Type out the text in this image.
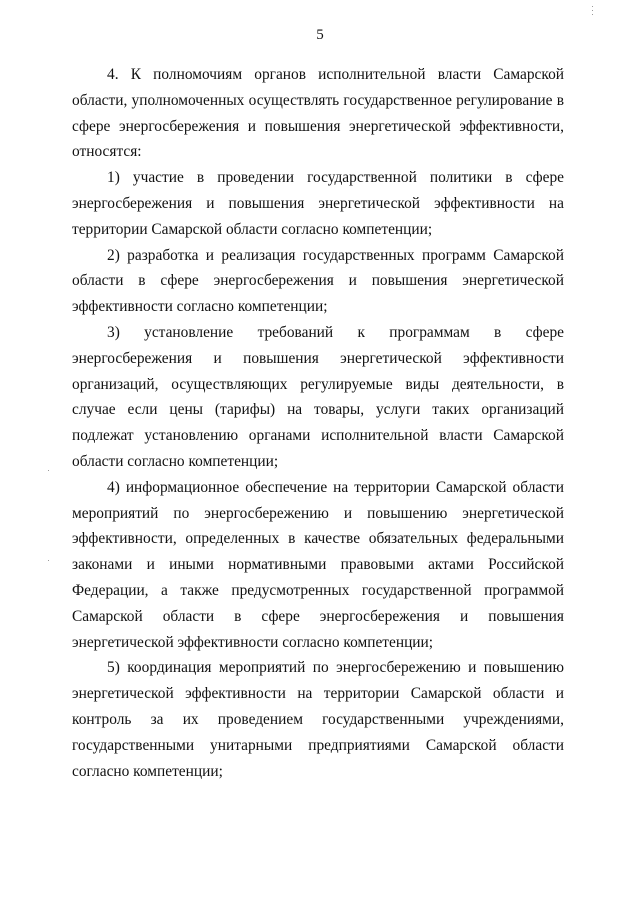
5

4. К полномочиям органов исполнительной власти Самарской области, уполномоченных осуществлять государственное регулирование в сфере энергосбережения и повышения энергетической эффективности, относятся:

1) участие в проведении государственной политики в сфере энергосбережения и повышения энергетической эффективности на территории Самарской области согласно компетенции;

2) разработка и реализация государственных программ Самарской области в сфере энергосбережения и повышения энергетической эффективности согласно компетенции;

3) установление требований к программам в сфере энергосбережения и повышения энергетической эффективности организаций, осуществляющих регулируемые виды деятельности, в случае если цены (тарифы) на товары, услуги таких организаций подлежат установлению органами исполнительной власти Самарской области согласно компетенции;

4) информационное обеспечение на территории Самарской области мероприятий по энергосбережению и повышению энергетической эффективности, определенных в качестве обязательных федеральными законами и иными нормативными правовыми актами Российской Федерации, а также предусмотренных государственной программой Самарской области в сфере энергосбережения и повышения энергетической эффективности согласно компетенции;

5) координация мероприятий по энергосбережению и повышению энергетической эффективности на территории Самарской области и контроль за их проведением государственными учреждениями, государственными унитарными предприятиями Самарской области согласно компетенции;
